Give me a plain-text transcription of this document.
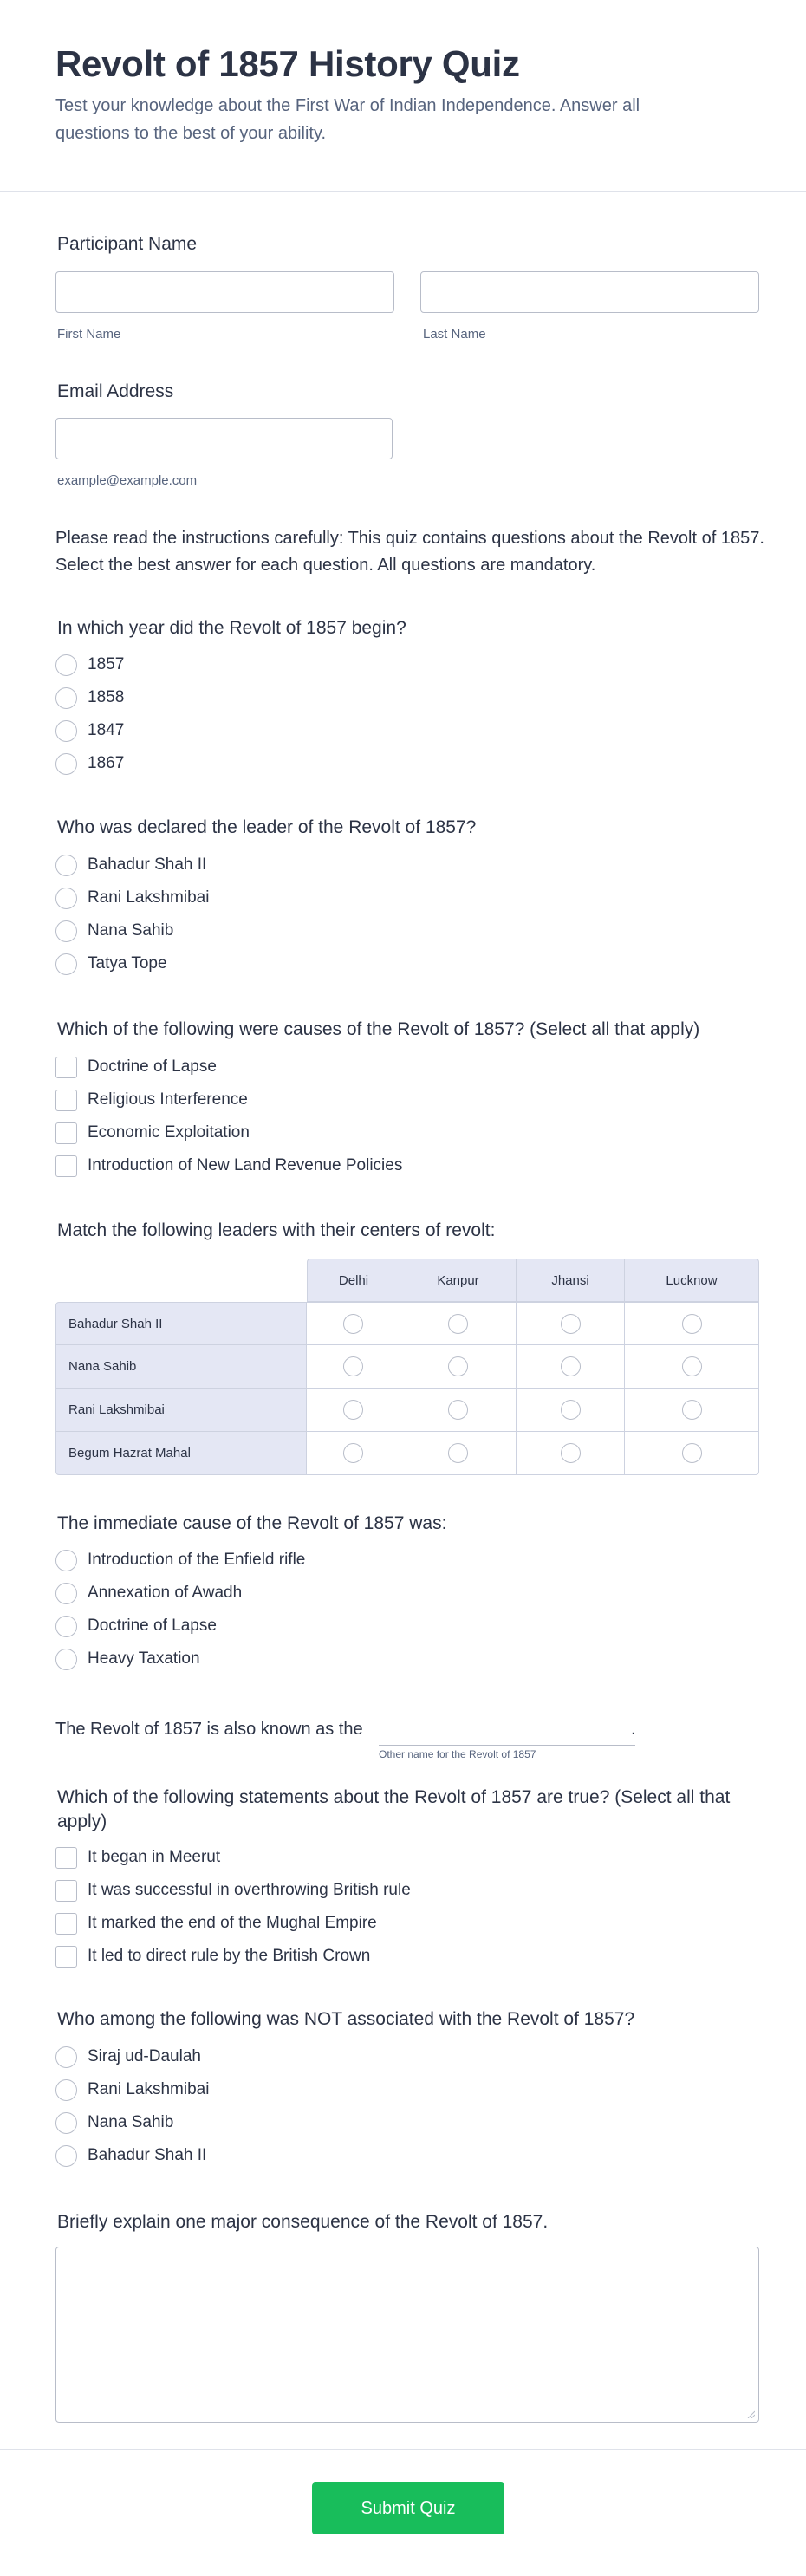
Revolt of 1857 History Quiz
Test your knowledge about the First War of Indian Independence. Answer all questions to the best of your ability.
Participant Name
First Name	Last Name
Email Address
example@example.com
Please read the instructions carefully: This quiz contains questions about the Revolt of 1857. Select the best answer for each question. All questions are mandatory.
In which year did the Revolt of 1857 begin?
1857
1858
1847
1867
Who was declared the leader of the Revolt of 1857?
Bahadur Shah II
Rani Lakshmibai
Nana Sahib
Tatya Tope
Which of the following were causes of the Revolt of 1857? (Select all that apply)
Doctrine of Lapse
Religious Interference
Economic Exploitation
Introduction of New Land Revenue Policies
Match the following leaders with their centers of revolt:
Delhi	Kanpur	Jhansi	Lucknow
Bahadur Shah II
Nana Sahib
Rani Lakshmibai
Begum Hazrat Mahal
The immediate cause of the Revolt of 1857 was:
Introduction of the Enfield rifle
Annexation of Awadh
Doctrine of Lapse
Heavy Taxation
The Revolt of 1857 is also known as the	.
Other name for the Revolt of 1857
Which of the following statements about the Revolt of 1857 are true? (Select all that apply)
It began in Meerut
It was successful in overthrowing British rule
It marked the end of the Mughal Empire
It led to direct rule by the British Crown
Who among the following was NOT associated with the Revolt of 1857?
Siraj ud-Daulah
Rani Lakshmibai
Nana Sahib
Bahadur Shah II
Briefly explain one major consequence of the Revolt of 1857.
Submit Quiz
